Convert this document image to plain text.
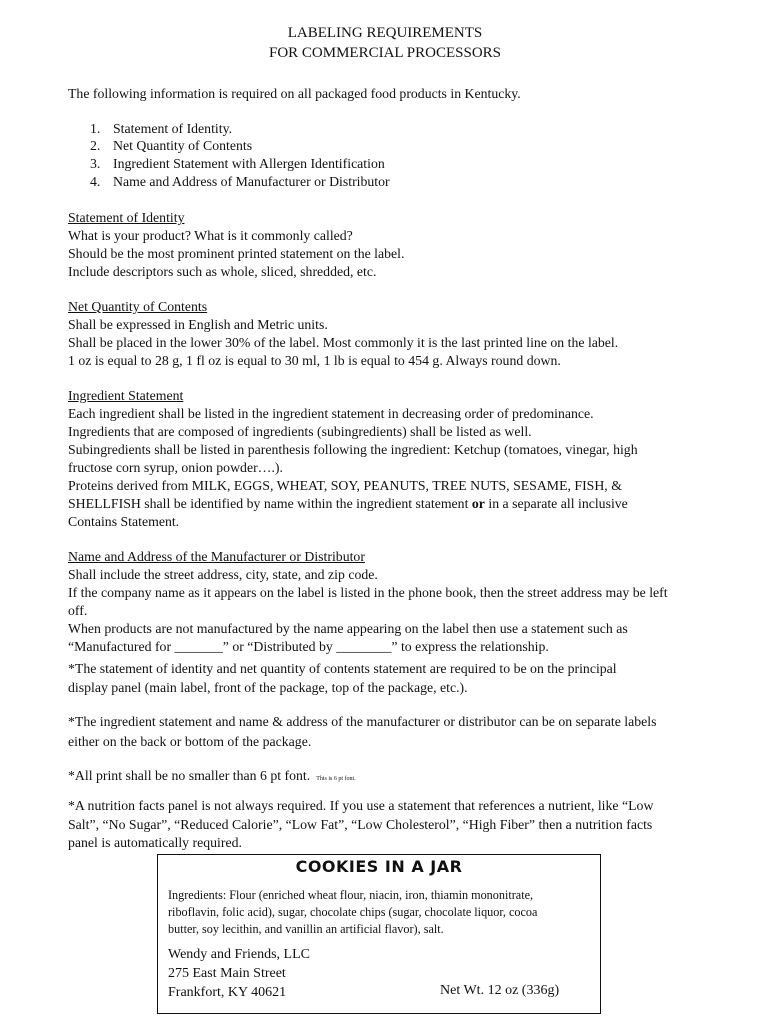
LABELING REQUIREMENTS
FOR COMMERCIAL PROCESSORS
The following information is required on all packaged food products in Kentucky.
1. Statement of Identity.
2. Net Quantity of Contents
3. Ingredient Statement with Allergen Identification
4. Name and Address of Manufacturer or Distributor
Statement of Identity
What is your product? What is it commonly called?
Should be the most prominent printed statement on the label.
Include descriptors such as whole, sliced, shredded, etc.
Net Quantity of Contents
Shall be expressed in English and Metric units.
Shall be placed in the lower 30% of the label. Most commonly it is the last printed line on the label.
1 oz is equal to 28 g, 1 fl oz is equal to 30 ml, 1 lb is equal to 454 g. Always round down.
Ingredient Statement
Each ingredient shall be listed in the ingredient statement in decreasing order of predominance.
Ingredients that are composed of ingredients (subingredients) shall be listed as well.
Subingredients shall be listed in parenthesis following the ingredient: Ketchup (tomatoes, vinegar, high
fructose corn syrup, onion powder….).
Proteins derived from MILK, EGGS, WHEAT, SOY, PEANUTS, TREE NUTS, SESAME, FISH, &
SHELLFISH shall be identified by name within the ingredient statement or in a separate all inclusive
Contains Statement.
Name and Address of the Manufacturer or Distributor
Shall include the street address, city, state, and zip code.
If the company name as it appears on the label is listed in the phone book, then the street address may be left
off.
When products are not manufactured by the name appearing on the label then use a statement such as
“Manufactured for _______” or “Distributed by ________” to express the relationship.
*The statement of identity and net quantity of contents statement are required to be on the principal
display panel (main label, front of the package, top of the package, etc.).
*The ingredient statement and name & address of the manufacturer or distributor can be on separate labels
either on the back or bottom of the package.
*All print shall be no smaller than 6 pt font. This is 6 pt font.
*A nutrition facts panel is not always required. If you use a statement that references a nutrient, like “Low
Salt”, “No Sugar”, “Reduced Calorie”, “Low Fat”, “Low Cholesterol”, “High Fiber” then a nutrition facts
panel is automatically required.
COOKIES IN A JAR
Ingredients: Flour (enriched wheat flour, niacin, iron, thiamin mononitrate,
riboflavin, folic acid), sugar, chocolate chips (sugar, chocolate liquor, cocoa
butter, soy lecithin, and vanillin an artificial flavor), salt.
Wendy and Friends, LLC
275 East Main Street
Frankfort, KY 40621	Net Wt. 12 oz (336g)
